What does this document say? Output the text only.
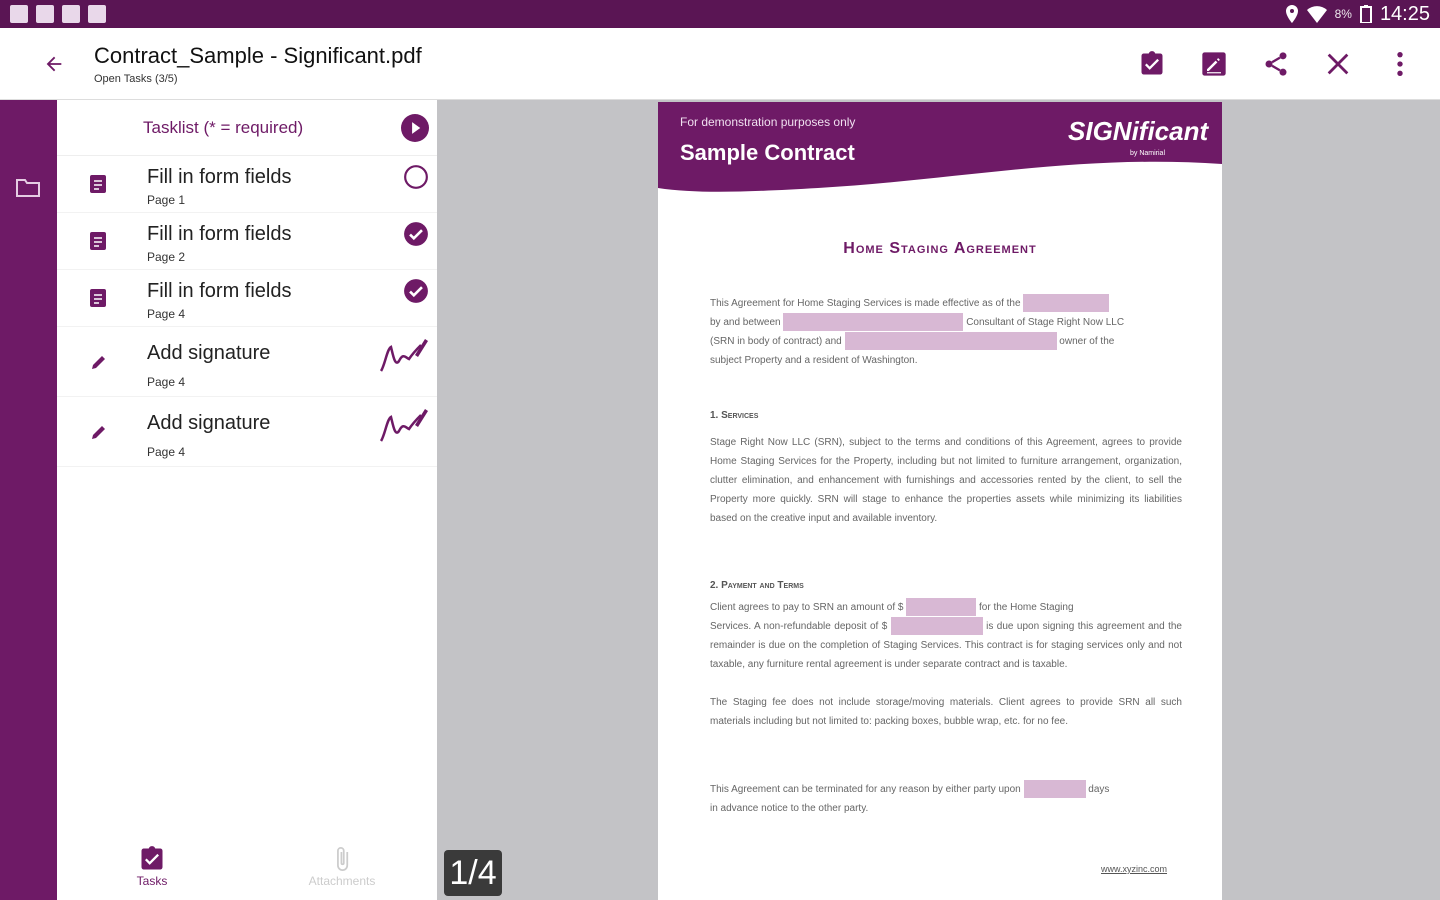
8% 14:25
Contract_Sample - Significant.pdf
Open Tasks (3/5)
Tasklist (* = required)
Fill in form fields
Page 1
Fill in form fields
Page 2
Fill in form fields
Page 4
Add signature
Page 4
Add signature
Page 4
Tasks	Attachments
For demonstration purposes only
Sample Contract
SIGNificant
by Namirial
Home Staging Agreement
This Agreement for Home Staging Services is made effective as of the
by and between	Consultant of Stage Right Now LLC
(SRN in body of contract) and	owner of the
subject Property and a resident of Washington.
1. Services
Stage Right Now LLC (SRN), subject to the terms and conditions of this Agreement, agrees to provide Home Staging Services for the Property, including but not limited to furniture arrangement, organization, clutter elimination, and enhancement with furnishings and accessories rented by the client, to sell the Property more quickly. SRN will stage to enhance the properties assets while minimizing its liabilities based on the creative input and available inventory.
2. Payment and Terms
Client agrees to pay to SRN an amount of $	for the Home Staging
Services. A non-refundable deposit of $	is due upon signing this agreement and the remainder is due on the completion of Staging Services. This contract is for staging services only and not taxable, any furniture rental agreement is under separate contract and is taxable.
The Staging fee does not include storage/moving materials. Client agrees to provide SRN all such materials including but not limited to: packing boxes, bubble wrap, etc. for no fee.
This Agreement can be terminated for any reason by either party upon	days
in advance notice to the other party.
www.xyzinc.com
1/4
